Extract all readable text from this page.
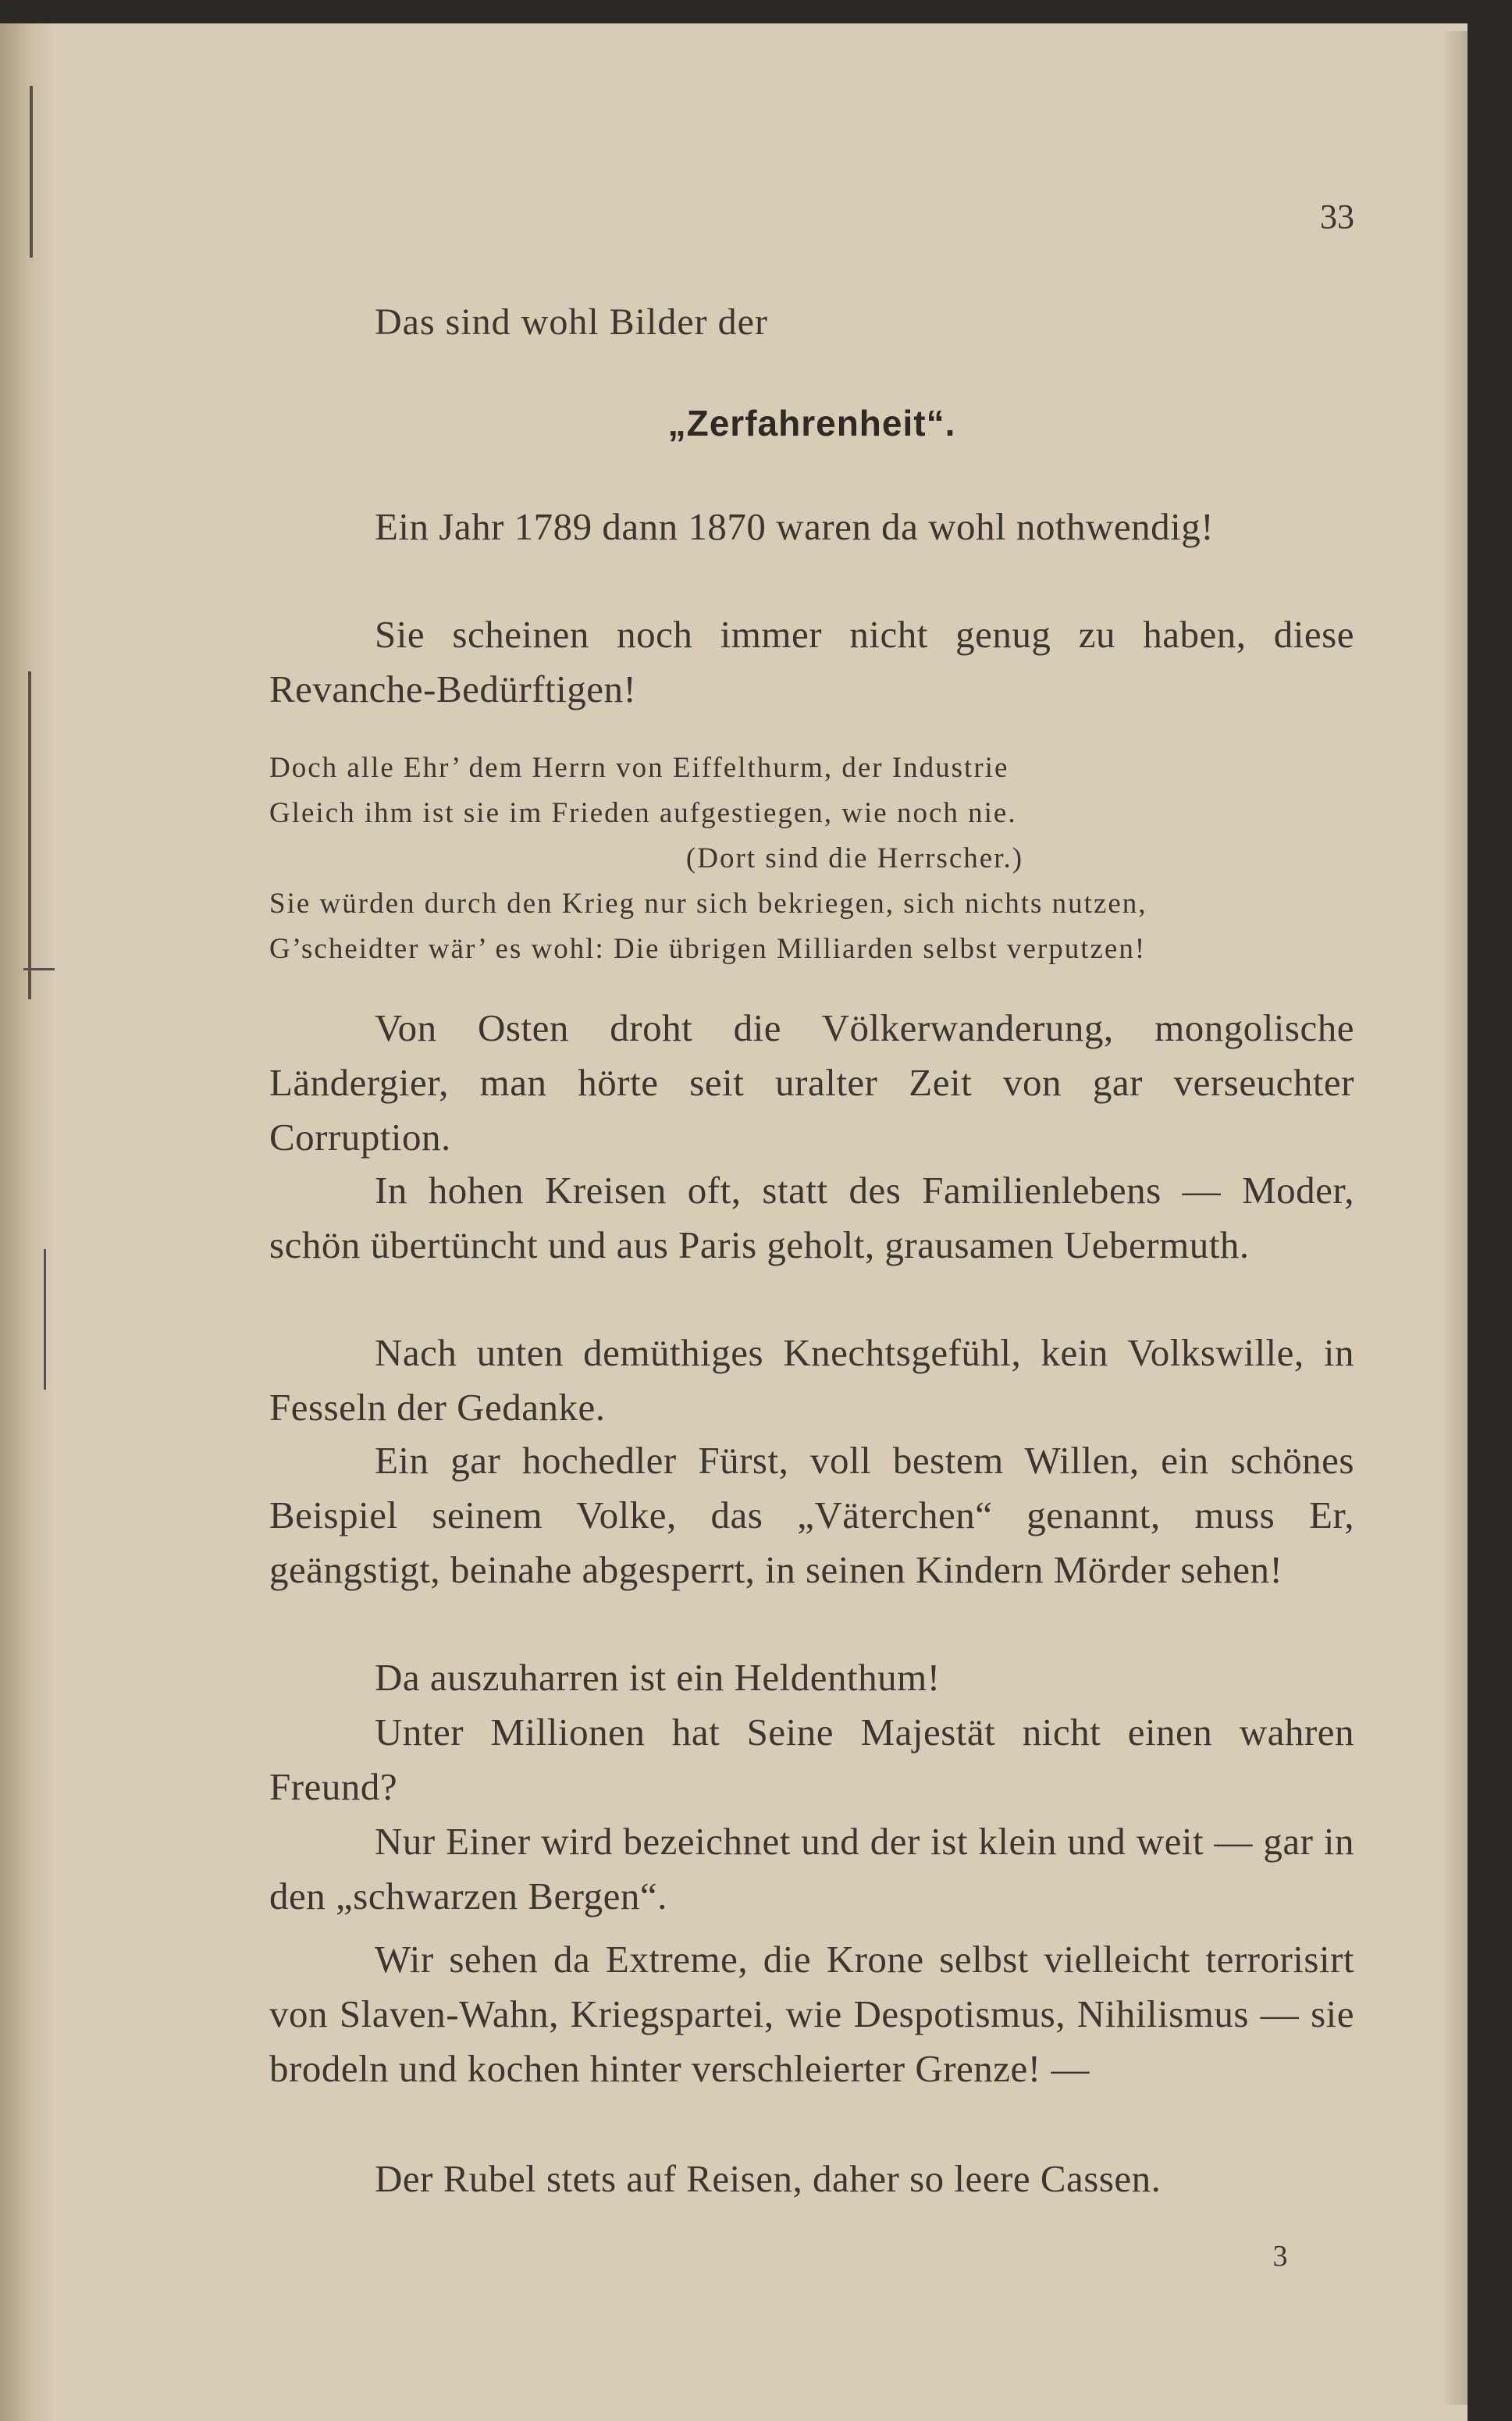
33
Das sind wohl Bilder der
„Zerfahrenheit“.
Ein Jahr 1789 dann 1870 waren da wohl nothwendig!
Sie scheinen noch immer nicht genug zu haben, diese Revanche-Bedürftigen!
Doch alle Ehr’ dem Herrn von Eiffelthurm, der Industrie
Gleich ihm ist sie im Frieden aufgestiegen, wie noch nie.
(Dort sind die Herrscher.)
Sie würden durch den Krieg nur sich bekriegen, sich nichts nutzen,
G’scheidter wär’ es wohl: Die übrigen Milliarden selbst verputzen!
Von Osten droht die Völkerwanderung, mongolische Ländergier, man hörte seit uralter Zeit von gar verseuchter Corruption.
In hohen Kreisen oft, statt des Familienlebens — Moder, schön übertüncht und aus Paris geholt, grausamen Uebermuth.
Nach unten demüthiges Knechtsgefühl, kein Volkswille, in Fesseln der Gedanke.
Ein gar hochedler Fürst, voll bestem Willen, ein schönes Beispiel seinem Volke, das „Väterchen“ genannt, muss Er, geängstigt, beinahe abgesperrt, in seinen Kindern Mörder sehen!
Da auszuharren ist ein Heldenthum!
Unter Millionen hat Seine Majestät nicht einen wahren Freund?
Nur Einer wird bezeichnet und der ist klein und weit — gar in den „schwarzen Bergen“.
Wir sehen da Extreme, die Krone selbst vielleicht terrorisirt von Slaven-Wahn, Kriegspartei, wie Despotismus, Nihilismus — sie brodeln und kochen hinter verschleierter Grenze! —
Der Rubel stets auf Reisen, daher so leere Cassen.
3
